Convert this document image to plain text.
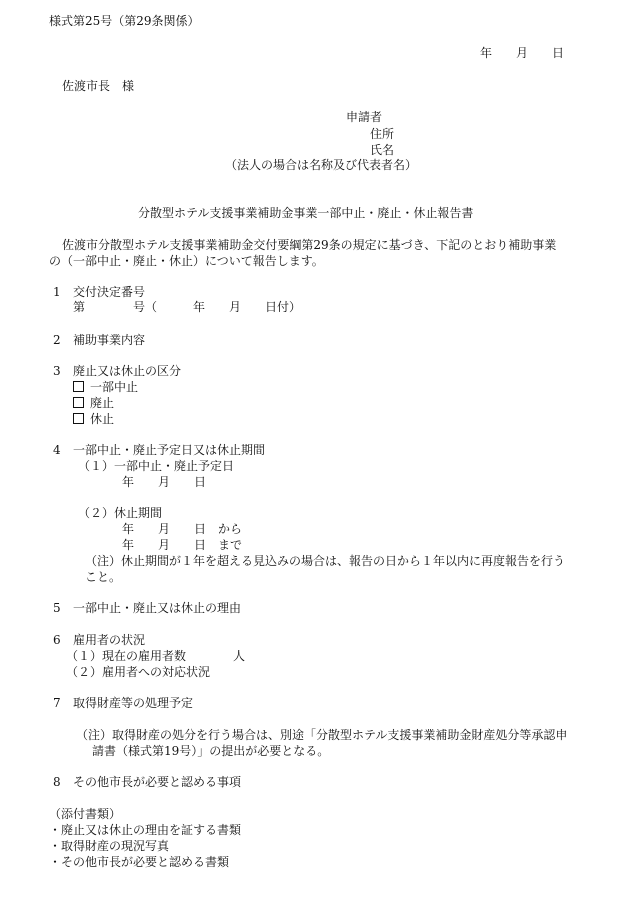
様式第25号（第29条関係）
年　　月　　日
佐渡市長　様
申請者
住所
氏名
（法人の場合は名称及び代表者名）
分散型ホテル支援事業補助金事業一部中止・廃止・休止報告書
佐渡市分散型ホテル支援事業補助金交付要綱第29条の規定に基づき、下記のとおり補助事業
の（一部中止・廃止・休止）について報告します。
1 交付決定番号
第　　　　号（　　　年　　月　　日付）
2 補助事業内容
3 廃止又は休止の区分
一部中止
廃止
休止
4 一部中止・廃止予定日又は休止期間
（１）一部中止・廃止予定日
年　　月　　日
（２）休止期間
年　　月　　日　から
年　　月　　日　まで
（注）休止期間が１年を超える見込みの場合は、報告の日から１年以内に再度報告を行う
こと。
5 一部中止・廃止又は休止の理由
6 雇用者の状況
（１）現在の雇用者数	人
（２）雇用者への対応状況
7 取得財産等の処理予定
（注）取得財産の処分を行う場合は、別途「分散型ホテル支援事業補助金財産処分等承認申
請書（様式第19号）」の提出が必要となる。
8 その他市長が必要と認める事項
（添付書類）
・廃止又は休止の理由を証する書類
・取得財産の現況写真
・その他市長が必要と認める書類
